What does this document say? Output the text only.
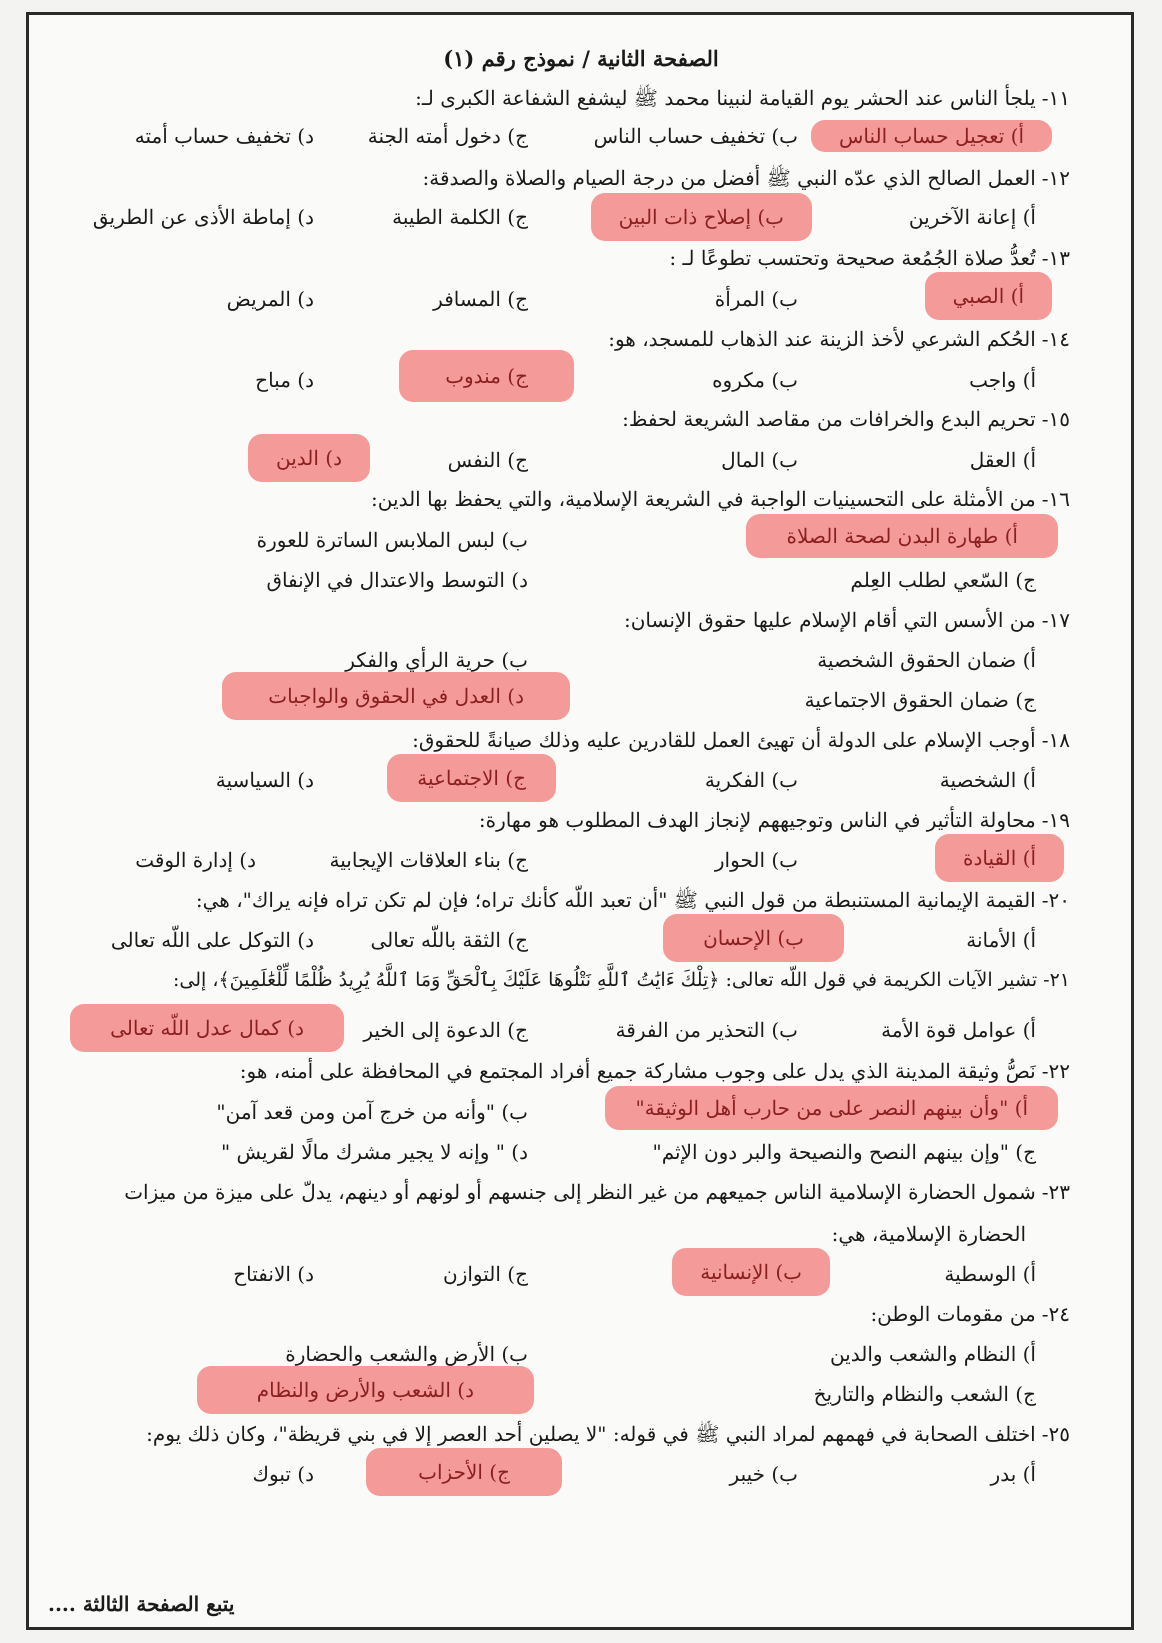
الصفحة الثانية / نموذج رقم (١)
١١-يلجأ الناس عند الحشر يوم القيامة لنبينا محمد ﷺ ليشفع الشفاعة الكبرى لـ:
أ) تعجيل حساب الناس
ب) تخفيف حساب الناس
ج) دخول أمته الجنة
د) تخفيف حساب أمته
١٢-العمل الصالح الذي عدّه النبي ﷺ أفضل من درجة الصيام والصلاة والصدقة:
أ) إعانة الآخرين
ب) إصلاح ذات البين
ج) الكلمة الطيبة
د) إماطة الأذى عن الطريق
١٣-تُعدُّ صلاة الجُمُعة صحيحة وتحتسب تطوعًا لـ :
أ) الصبي
ب) المرأة
ج) المسافر
د) المريض
١٤-الحُكم الشرعي لأخذ الزينة عند الذهاب للمسجد، هو:
أ) واجب
ب) مكروه
ج) مندوب
د) مباح
١٥-تحريم البدع والخرافات من مقاصد الشريعة لحفظ:
أ) العقل
ب) المال
ج) النفس
د) الدين
١٦-من الأمثلة على التحسينيات الواجبة في الشريعة الإسلامية، والتي يحفظ بها الدين:
أ) طهارة البدن لصحة الصلاة
ب) لبس الملابس الساترة للعورة
ج) السّعي لطلب العِلم
د) التوسط والاعتدال في الإنفاق
١٧-من الأسس التي أقام الإسلام عليها حقوق الإنسان:
أ) ضمان الحقوق الشخصية
ب) حرية الرأي والفكر
ج) ضمان الحقوق الاجتماعية
د) العدل في الحقوق والواجبات
١٨-أوجب الإسلام على الدولة أن تهيئ العمل للقادرين عليه وذلك صيانةً للحقوق:
أ) الشخصية
ب) الفكرية
ج) الاجتماعية
د) السياسية
١٩-محاولة التأثير في الناس وتوجيههم لإنجاز الهدف المطلوب هو مهارة:
أ) القيادة
ب) الحوار
ج) بناء العلاقات الإيجابية
د) إدارة الوقت
٢٠-القيمة الإيمانية المستنبطة من قول النبي ﷺ "أن تعبد اللّه كأنك تراه؛ فإن لم تكن تراه فإنه يراك"، هي:
أ) الأمانة
ب) الإحسان
ج) الثقة باللّه تعالى
د) التوكل على اللّه تعالى
٢١-تشير الآيات الكريمة في قول اللّه تعالى: ﴿تِلْكَ ءَايَٰتُ ٱللَّهِ نَتْلُوهَا عَلَيْكَ بِٱلْحَقِّ وَمَا ٱللَّهُ يُرِيدُ ظُلْمًا لِّلْعَٰلَمِينَ﴾، إلى:
أ) عوامل قوة الأمة
ب) التحذير من الفرقة
ج) الدعوة إلى الخير
د) كمال عدل اللّه تعالى
٢٢-نَصُّ وثيقة المدينة الذي يدل على وجوب مشاركة جميع أفراد المجتمع في المحافظة على أمنه، هو:
أ) "وأن بينهم النصر على من حارب أهل الوثيقة"
ب) "وأنه من خرج آمن ومن قعد آمن"
ج) "وإن بينهم النصح والنصيحة والبر دون الإثم"
د) " وإنه لا يجير مشرك مالًا لقريش "
٢٣-شمول الحضارة الإسلامية الناس جميعهم من غير النظر إلى جنسهم أو لونهم أو دينهم، يدلّ على ميزة من ميزات
الحضارة الإسلامية، هي:
أ) الوسطية
ب) الإنسانية
ج) التوازن
د) الانفتاح
٢٤-من مقومات الوطن:
أ) النظام والشعب والدين
ب) الأرض والشعب والحضارة
ج) الشعب والنظام والتاريخ
د) الشعب والأرض والنظام
٢٥-اختلف الصحابة في فهمهم لمراد النبي ﷺ في قوله: "لا يصلين أحد العصر إلا في بني قريظة"، وكان ذلك يوم:
أ) بدر
ب) خيبر
ج) الأحزاب
د) تبوك
يتبع الصفحة الثالثة ....
